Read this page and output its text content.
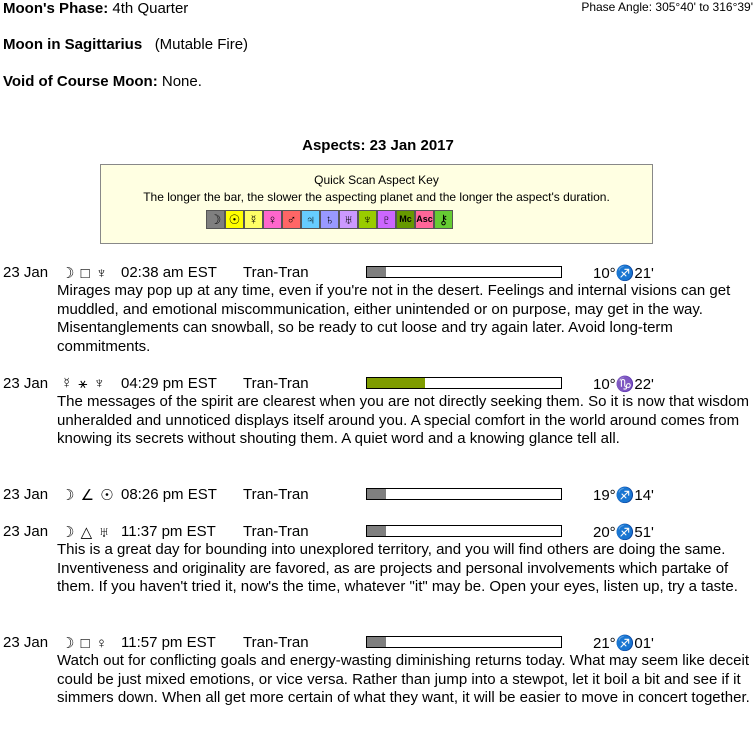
Moon's Phase: 4th Quarter	Phase Angle: 305°40' to 316°39'
Moon in Sagittarius (Mutable Fire)
Void of Course Moon: None.
Aspects: 23 Jan 2017
Quick Scan Aspect Key
The longer the bar, the slower the aspecting planet and the longer the aspect's duration.
☽ ☉ ☿ ♀ ♂ ♃ ♄ ♅ ♆ ♇ Mc Asc ⚷
23 Jan ☽ □ ♆ 02:38 am EST Tran-Tran	10°♐21'
Mirages may pop up at any time, even if you're not in the desert. Feelings and internal visions can get muddled, and emotional miscommunication, either unintended or on purpose, may get in the way. Misentanglements can snowball, so be ready to cut loose and try again later. Avoid long-term commitments.
23 Jan ☿ ⚹ ♆ 04:29 pm EST Tran-Tran	10°♑22'
The messages of the spirit are clearest when you are not directly seeking them. So it is now that wisdom unheralded and unnoticed displays itself around you. A special comfort in the world around comes from knowing its secrets without shouting them. A quiet word and a knowing glance tell all.
23 Jan ☽ ∠ ☉ 08:26 pm EST Tran-Tran	19°♐14'
23 Jan ☽ △ ♅ 11:37 pm EST Tran-Tran	20°♐51'
This is a great day for bounding into unexplored territory, and you will find others are doing the same. Inventiveness and originality are favored, as are projects and personal involvements which partake of them. If you haven't tried it, now's the time, whatever "it" may be. Open your eyes, listen up, try a taste.
23 Jan ☽ □ ♀ 11:57 pm EST Tran-Tran	21°♐01'
Watch out for conflicting goals and energy-wasting diminishing returns today. What may seem like deceit could be just mixed emotions, or vice versa. Rather than jump into a stewpot, let it boil a bit and see if it simmers down. When all get more certain of what they want, it will be easier to move in concert together.
